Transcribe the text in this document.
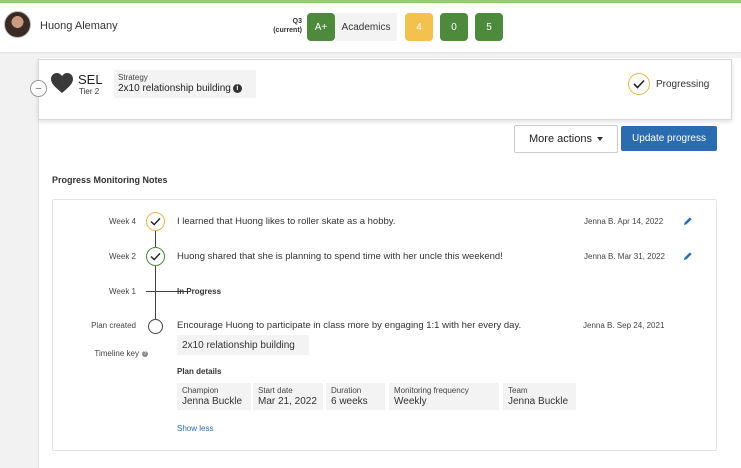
Huong Alemany	Q3
(current)	A+	Academics	4	0	5
–
SEL
Tier 2
Strategy
2x10 relationship building i	Progressing
More actions	Update progress
Progress Monitoring Notes
Week 4	I learned that Huong likes to roller skate as a hobby.	Jenna B. Apr 14, 2022
Week 2	Huong shared that she is planning to spend time with her uncle this weekend!	Jenna B. Mar 31, 2022
Week 1	In Progress
Plan created	Encourage Huong to participate in class more by engaging 1:1 with her every day.	Jenna B. Sep 24, 2021
Timeline key ?
2x10 relationship building
Plan details
Champion
Jenna Buckle
Start date
Mar 21, 2022
Duration
6 weeks
Monitoring frequency
Weekly
Team
Jenna Buckle
Show less
